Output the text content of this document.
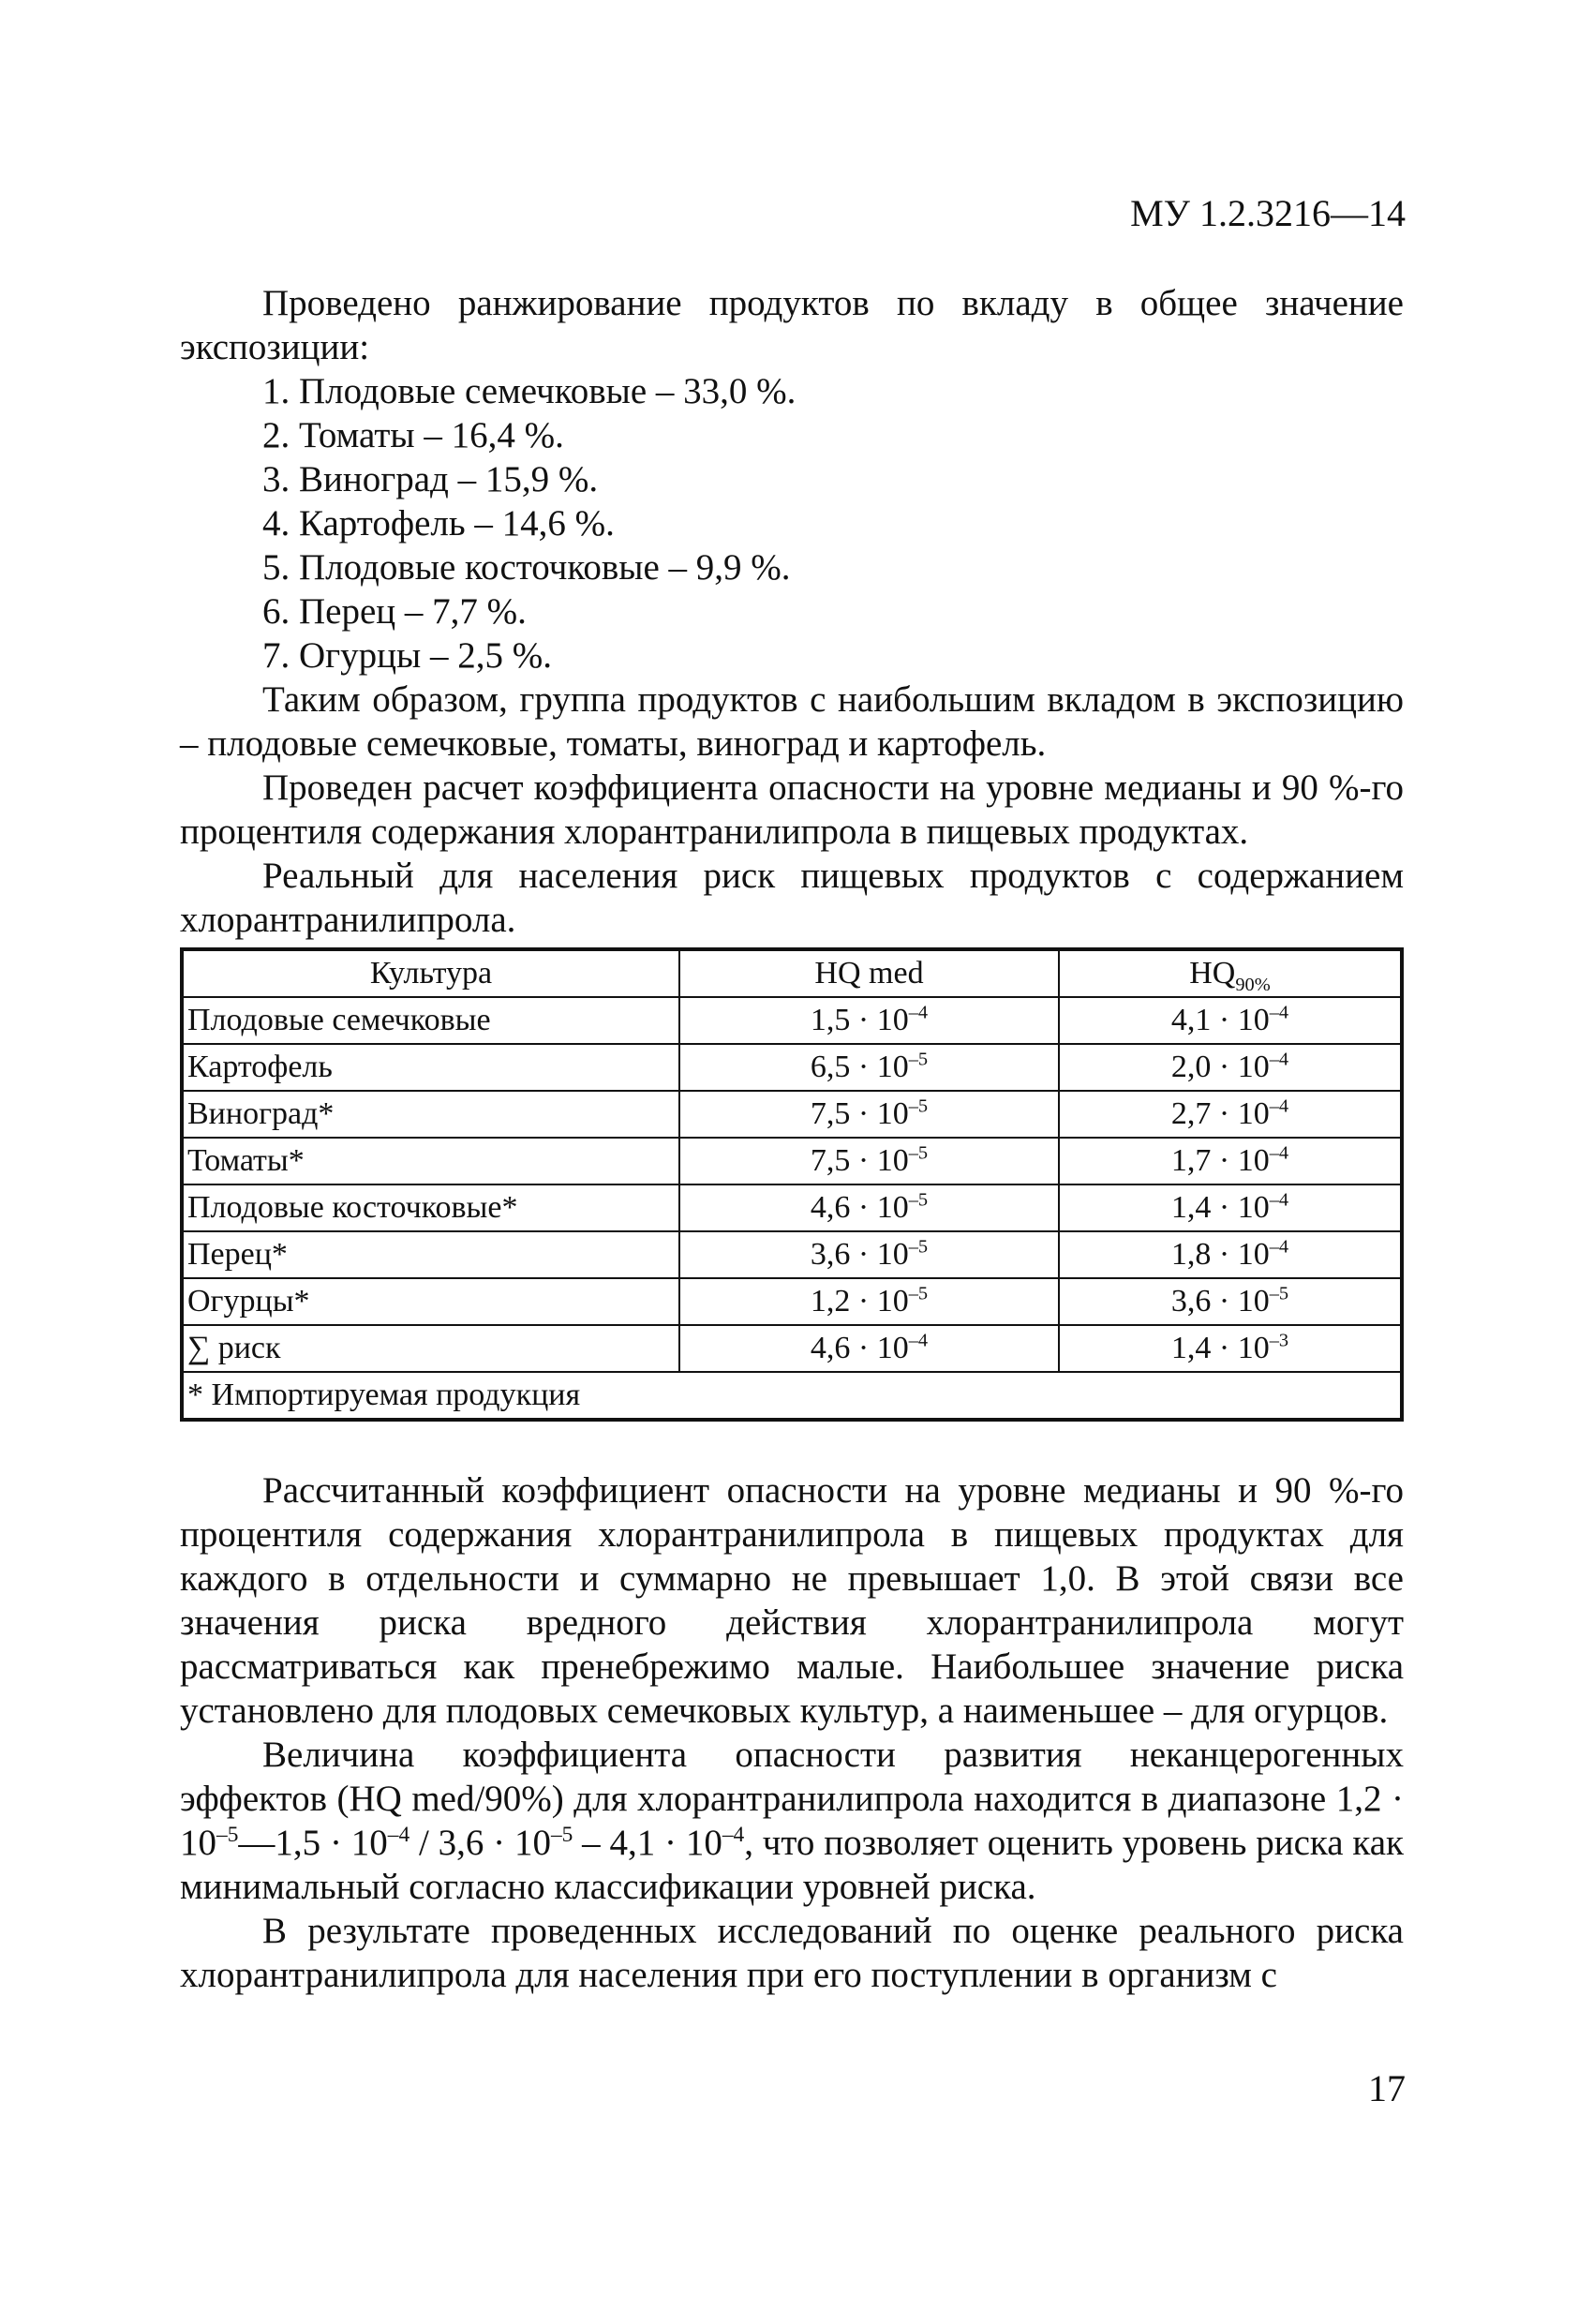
МУ 1.2.3216—14

Проведено ранжирование продуктов по вкладу в общее значение экспозиции:

1. Плодовые семечковые – 33,0 %.
2. Томаты – 16,4 %.
3. Виноград – 15,9 %.
4. Картофель – 14,6 %.
5. Плодовые косточковые – 9,9 %.
6. Перец – 7,7 %.
7. Огурцы – 2,5 %.

Таким образом, группа продуктов с наибольшим вкладом в экспозицию – плодовые семечковые, томаты, виноград и картофель.

Проведен расчет коэффициента опасности на уровне медианы и 90 %-го процентиля содержания хлорантранилипрола в пищевых продуктах.

Реальный для населения риск пищевых продуктов с содержанием хлорантранилипрола.

Культура	HQ med	$HQ_{90\%}$
Плодовые семечковые	$1,5 \cdot 10^{-4}$	$4,1 \cdot 10^{-4}$
Картофель	$6,5 \cdot 10^{-5}$	$2,0 \cdot 10^{-4}$
Виноград*	$7,5 \cdot 10^{-5}$	$2,7 \cdot 10^{-4}$
Томаты*	$7,5 \cdot 10^{-5}$	$1,7 \cdot 10^{-4}$
Плодовые косточковые*	$4,6 \cdot 10^{-5}$	$1,4 \cdot 10^{-4}$
Перец*	$3,6 \cdot 10^{-5}$	$1,8 \cdot 10^{-4}$
Огурцы*	$1,2 \cdot 10^{-5}$	$3,6 \cdot 10^{-5}$
∑ риск	$4,6 \cdot 10^{-4}$	$1,4 \cdot 10^{-3}$
* Импортируемая продукция		

Рассчитанный коэффициент опасности на уровне медианы и 90 %-го процентиля содержания хлорантранилипрола в пищевых продуктах для каждого в отдельности и суммарно не превышает 1,0. В этой связи все значения риска вредного действия хлорантранилипрола могут рассматриваться как пренебрежимо малые. Наибольшее значение риска установлено для плодовых семечковых культур, а наименьшее – для огурцов.

Величина коэффициента опасности развития неканцерогенных эффектов (HQ med/90%) для хлорантранилипрола находится в диапазоне $1,2 \cdot 10^{-5}—1,5 \cdot 10^{-4} / 3,6 \cdot 10^{-5} - 4,1 \cdot 10^{-4}$, что позволяет оценить уровень риска как минимальный согласно классификации уровней риска.

В результате проведенных исследований по оценке реального риска хлорантранилипрола для населения при его поступлении в организм с

17
